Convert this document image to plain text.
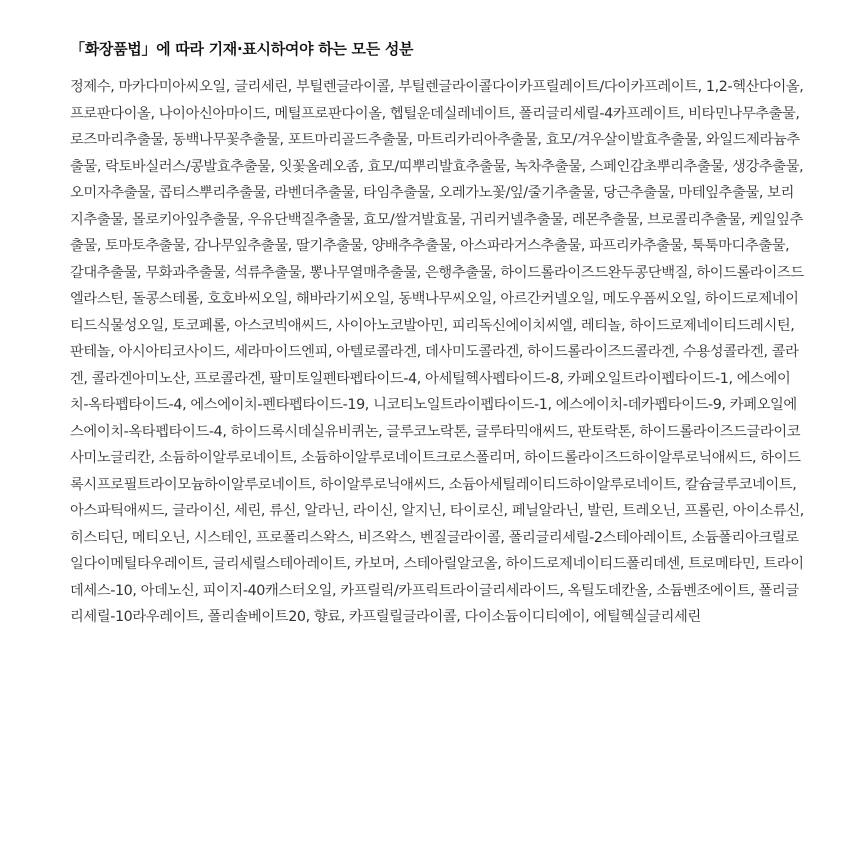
「화장품법」에 따라 기재·표시하여야 하는 모든 성분

정제수, 마카다미아씨오일, 글리세린, 부틸렌글라이콜, 부틸렌글라이콜다이카프릴레이트/다이카프레이트, 1,2-헥산다이올, 프로판다이올, 나이아신아마이드, 메틸프로판다이올, 헵틸운데실레네이트, 폴리글리세릴-4카프레이트, 비타민나무추출물, 로즈마리추출물, 동백나무꽃추출물, 포트마리골드추출물, 마트리카리아추출물, 효모/겨우살이발효추출물, 와일드제라늄추출물, 락토바실러스/콩발효추출물, 잇꽃올레오좀, 효모/띠뿌리발효추출물, 녹차추출물, 스페인감초뿌리추출물, 생강추출물, 오미자추출물, 콥티스뿌리추출물, 라벤더추출물, 타임추출물, 오레가노꽃/잎/줄기추출물, 당근추출물, 마테잎추출물, 보리지추출물, 몰로키아잎추출물, 우유단백질추출물, 효모/쌀겨발효물, 귀리커넬추출물, 레몬추출물, 브로콜리추출물, 케일잎추출물, 토마토추출물, 감나무잎추출물, 딸기추출물, 양배추추출물, 아스파라거스추출물, 파프리카추출물, 툭툭마디추출물, 갈대추출물, 무화과추출물, 석류추출물, 뽕나무열매추출물, 은행추출물, 하이드롤라이즈드완두콩단백질, 하이드롤라이즈드엘라스틴, 돌콩스테롤, 호호바씨오일, 해바라기씨오일, 동백나무씨오일, 아르간커넬오일, 메도우폼씨오일, 하이드로제네이티드식물성오일, 토코페롤, 아스코빅애씨드, 사이아노코발아민, 피리독신에이치씨엘, 레티놀, 하이드로제네이티드레시틴, 판테놀, 아시아티코사이드, 세라마이드엔피, 아텔로콜라겐, 데사미도콜라겐, 하이드롤라이즈드콜라겐, 수용성콜라겐, 콜라겐, 콜라겐아미노산, 프로콜라겐, 팔미토일펜타펩타이드-4, 아세틸헥사펩타이드-8, 카페오일트라이펩타이드-1, 에스에이치-옥타펩타이드-4, 에스에이치-펜타펩타이드-19, 니코티노일트라이펩타이드-1, 에스에이치-데카펩타이드-9, 카페오일에스에이치-옥타펩타이드-4, 하이드록시데실유비퀴논, 글루코노락톤, 글루타믹애씨드, 판토락톤, 하이드롤라이즈드글라이코사미노글리칸, 소듐하이알루로네이트, 소듐하이알루로네이트크로스폴리머, 하이드롤라이즈드하이알루로닉애씨드, 하이드록시프로필트라이모늄하이알루로네이트, 하이알루로닉애씨드, 소듐아세틸레이티드하이알루로네이트, 칼슘글루코네이트, 아스파틱애씨드, 글라이신, 세린, 류신, 알라닌, 라이신, 알지닌, 타이로신, 페닐알라닌, 발린, 트레오닌, 프롤린, 아이소류신, 히스티딘, 메티오닌, 시스테인, 프로폴리스왁스, 비즈왁스, 벤질글라이콜, 폴리글리세릴-2스테아레이트, 소듐폴리아크릴로일다이메틸타우레이트, 글리세릴스테아레이트, 카보머, 스테아릴알코올, 하이드로제네이티드폴리데센, 트로메타민, 트라이데세스-10, 아데노신, 피이지-40캐스터오일, 카프릴릭/카프릭트라이글리세라이드, 옥틸도데칸올, 소듐벤조에이트, 폴리글리세릴-10라우레이트, 폴리솔베이트20, 향료, 카프릴릴글라이콜, 다이소듐이디티에이, 에틸헥실글리세린
